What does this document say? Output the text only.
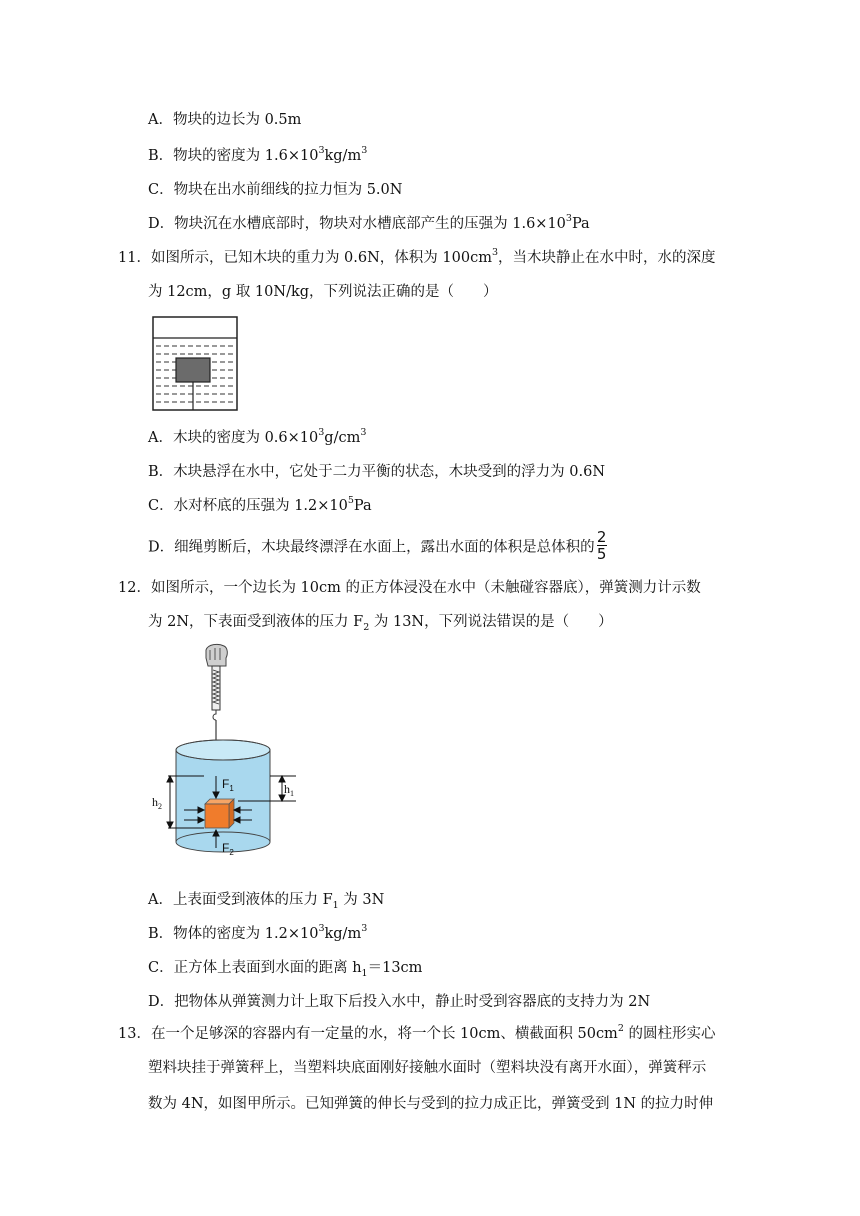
A．物块的边长为 0.5m
B．物块的密度为 $1.6\times 10^3kg/m^3$
C．物块在出水前细线的拉力恒为 5.0N
D．物块沉在水槽底部时，物块对水槽底部产生的压强为 $1.6\times 10^3Pa$
11．如图所示，已知木块的重力为 0.6N，体积为 $100cm^3$，当木块静止在水中时，水的深度
为 12cm，g 取 10N/kg，下列说法正确的是（　　）
A．木块的密度为 $0.6\times 10^3g/cm^3$
B．木块悬浮在水中，它处于二力平衡的状态，木块受到的浮力为 0.6N
C．水对杯底的压强为 $1.2\times 10^5Pa$
D．细绳剪断后，木块最终漂浮在水面上，露出水面的体积是总体积的 $\frac{2}{5}$
12．如图所示，一个边长为 10cm 的正方体浸没在水中（未触碰容器底），弹簧测力计示数
为 2N，下表面受到液体的压力 $F_2$ 为 13N，下列说法错误的是（　　）
$F_1$
$F_2$
$h_2$
$h_1$
A．上表面受到液体的压力 $F_1$ 为 3N
B．物体的密度为 $1.2\times 10^3kg/m^3$
C．正方体上表面到水面的距离 $h_1=13cm$
D．把物体从弹簧测力计上取下后投入水中，静止时受到容器底的支持力为 2N
13．在一个足够深的容器内有一定量的水，将一个长 10cm、横截面积 $50cm^2$ 的圆柱形实心
塑料块挂于弹簧秤上，当塑料块底面刚好接触水面时（塑料块没有离开水面），弹簧秤示
数为 4N，如图甲所示。已知弹簧的伸长与受到的拉力成正比，弹簧受到 1N 的拉力时伸
